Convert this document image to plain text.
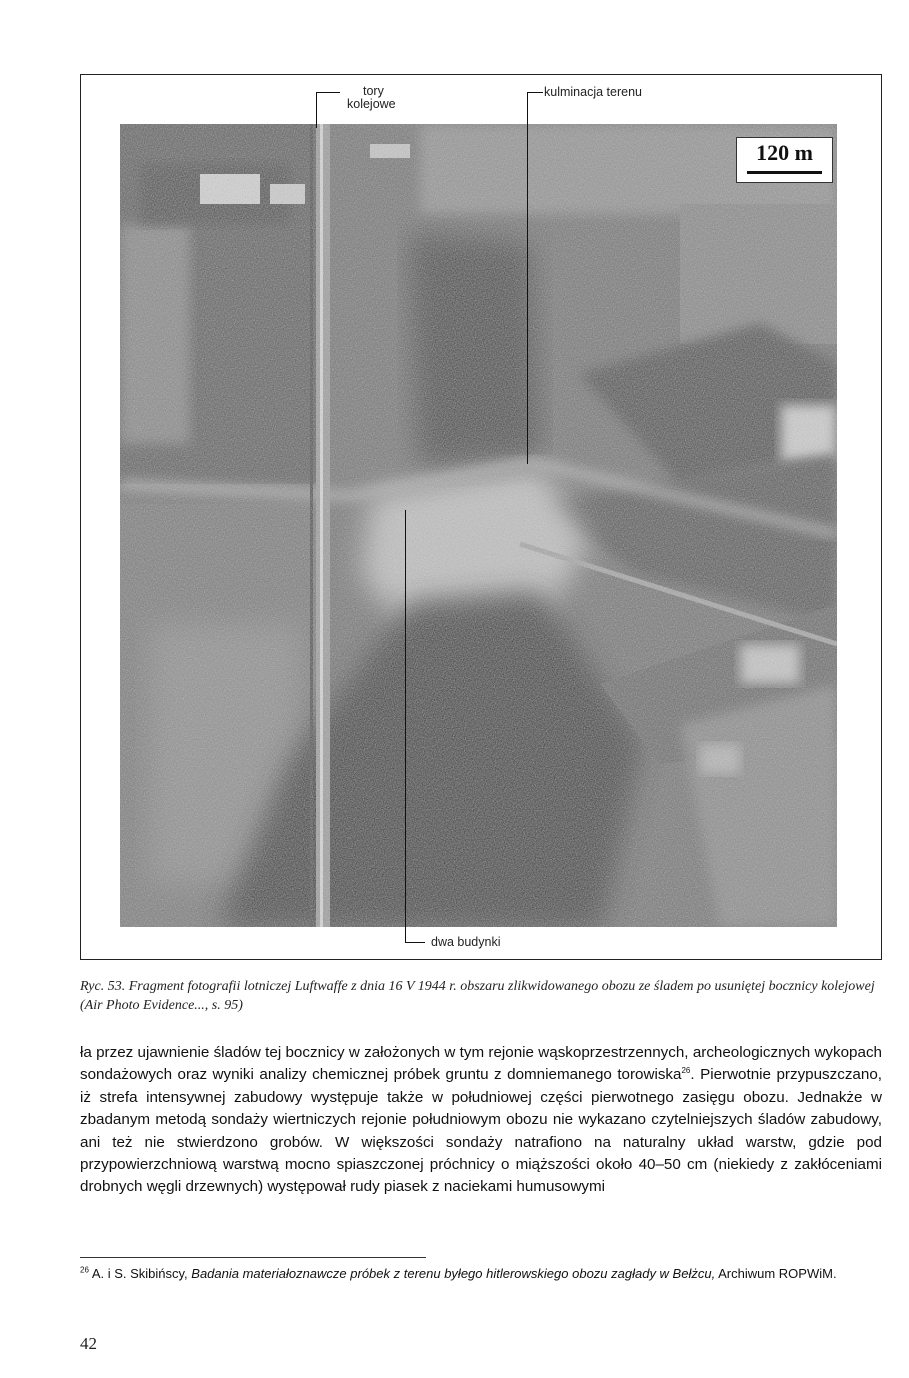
tory
kolejowe
kulminacja terenu
dwa budynki
120 m
Ryc. 53. Fragment fotografii lotniczej Luftwaffe z dnia 16 V 1944 r. obszaru zlikwidowanego obozu ze śladem po usuniętej bocznicy kolejowej (Air Photo Evidence..., s. 95)

ła przez ujawnienie śladów tej bocznicy w założonych w tym rejonie wąskoprzestrzennych, archeologicznych wykopach sondażowych oraz wyniki analizy chemicznej próbek gruntu z domniemanego torowiska$^{26}$. Pierwotnie przypuszczano, iż strefa intensywnej zabudowy występuje także w południowej części pierwotnego zasięgu obozu. Jednakże w zbadanym metodą sondaży wiertniczych rejonie południowym obozu nie wykazano czytelniejszych śladów zabudowy, ani też nie stwierdzono grobów. W większości sondaży natrafiono na naturalny układ warstw, gdzie pod przypowierzchniową warstwą mocno spiaszczonej próchnicy o miąższości około 40–50 cm (niekiedy z zakłóceniami drobnych węgli drzewnych) występował rudy piasek z naciekami humusowymi

$^{26}$ A. i S. Skibińscy, Badania materiałoznawcze próbek z terenu byłego hitlerowskiego obozu zagłady w Bełżcu, Archiwum ROPWiM.
42
